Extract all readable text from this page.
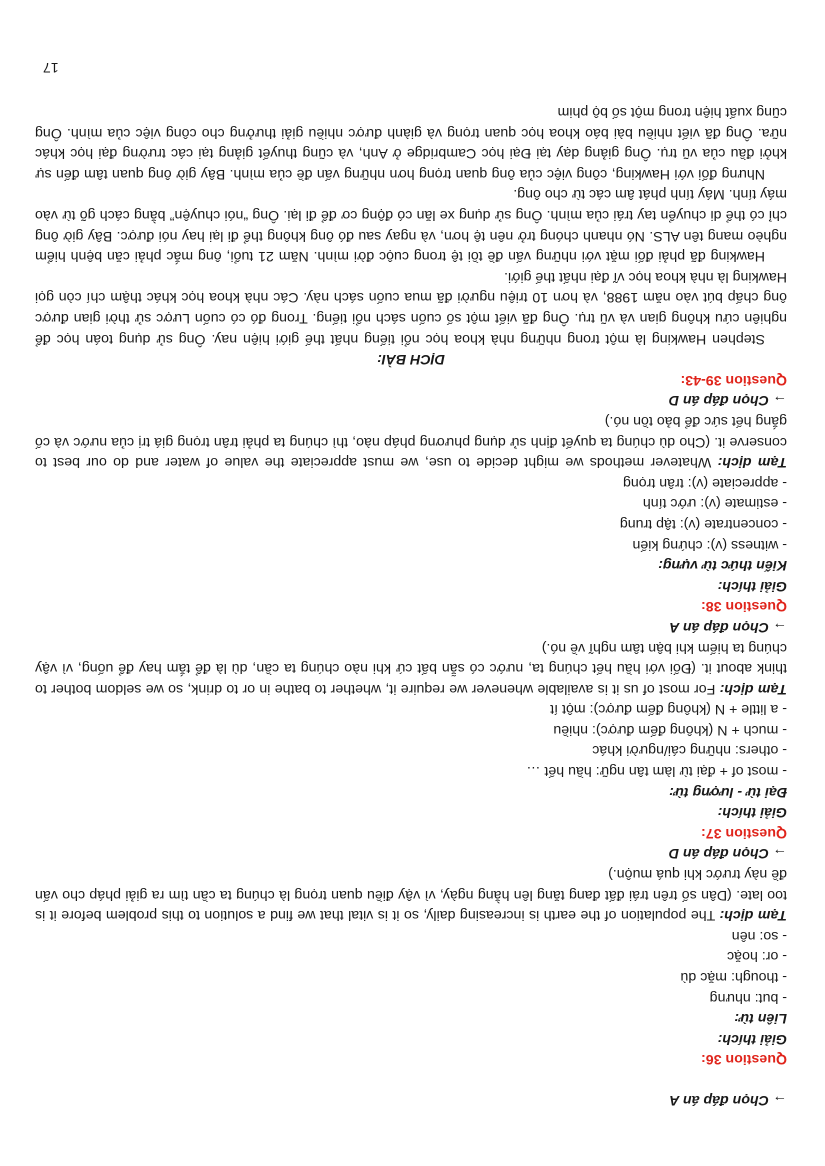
→ Chọn đáp án A
Question 36:
Giải thích:
Liên từ:
- but: nhưng
- though: mặc dù
- or: hoặc
- so: nên

Tạm dịch: The population of the earth is increasing daily, so it is vital that we find a solution to this problem before it is too late. (Dân số trên trái đất đang tăng lên hằng ngày, vì vậy điều quan trọng là chúng ta cần tìm ra giải pháp cho vấn đề này trước khi quá muộn.)

→ Chọn đáp án D
Question 37:
Giải thích:
Đại từ - lượng từ:
- most of + đại từ làm tân ngữ: hầu hết …
- others: những cái/người khác
- much + N (không đếm được): nhiều
- a little + N (không đếm được): một ít

Tạm dịch: For most of us it is available whenever we require it, whether to bathe in or to drink, so we seldom bother to think about it. (Đối với hầu hết chúng ta, nước có sẵn bất cứ khi nào chúng ta cần, dù là để tắm hay để uống, vì vậy chúng ta hiếm khi bận tâm nghĩ về nó.)

→ Chọn đáp án A
Question 38:
Giải thích:
Kiến thức từ vựng:
- witness (v): chứng kiến
- concentrate (v): tập trung
- estimate (v): ước tính
- appreciate (v): trân trọng

Tạm dịch: Whatever methods we might decide to use, we must appreciate the value of water and do our best to conserve it. (Cho dù chúng ta quyết định sử dụng phương pháp nào, thì chúng ta phải trân trọng giá trị của nước và cố gắng hết sức để bảo tồn nó.)

→ Chọn đáp án D
Question 39-43:
DỊCH BÀI:

Stephen Hawking là một trong những nhà khoa học nổi tiếng nhất thế giới hiện nay. Ông sử dụng toán học để nghiên cứu không gian và vũ trụ. Ông đã viết một số cuốn sách nổi tiếng. Trong đó có cuốn Lược sử thời gian được ông chấp bút vào năm 1988, và hơn 10 triệu người đã mua cuốn sách này. Các nhà khoa học khác thậm chí còn gọi Hawking là nhà khoa học vĩ đại nhất thế giới.

Hawking đã phải đối mặt với những vấn đề tồi tệ trong cuộc đời mình. Năm 21 tuổi, ông mắc phải căn bệnh hiểm nghèo mang tên ALS. Nó nhanh chóng trở nên tệ hơn, và ngay sau đó ông không thể đi lại hay nói được. Bây giờ ông chỉ có thể di chuyển tay trái của mình. Ông sử dụng xe lăn có động cơ để đi lại. Ông “nói chuyện” bằng cách gõ từ vào máy tính. Máy tính phát âm các từ cho ông.

Nhưng đối với Hawking, công việc của ông quan trọng hơn những vấn đề của mình. Bây giờ ông quan tâm đến sự khởi đầu của vũ trụ. Ông giảng dạy tại Đại học Cambridge ở Anh, và cũng thuyết giảng tại các trường đại học khác nữa. Ông đã viết nhiều bài báo khoa học quan trọng và giành được nhiều giải thưởng cho công việc của mình. Ông cũng xuất hiện trong một số bộ phim

17
